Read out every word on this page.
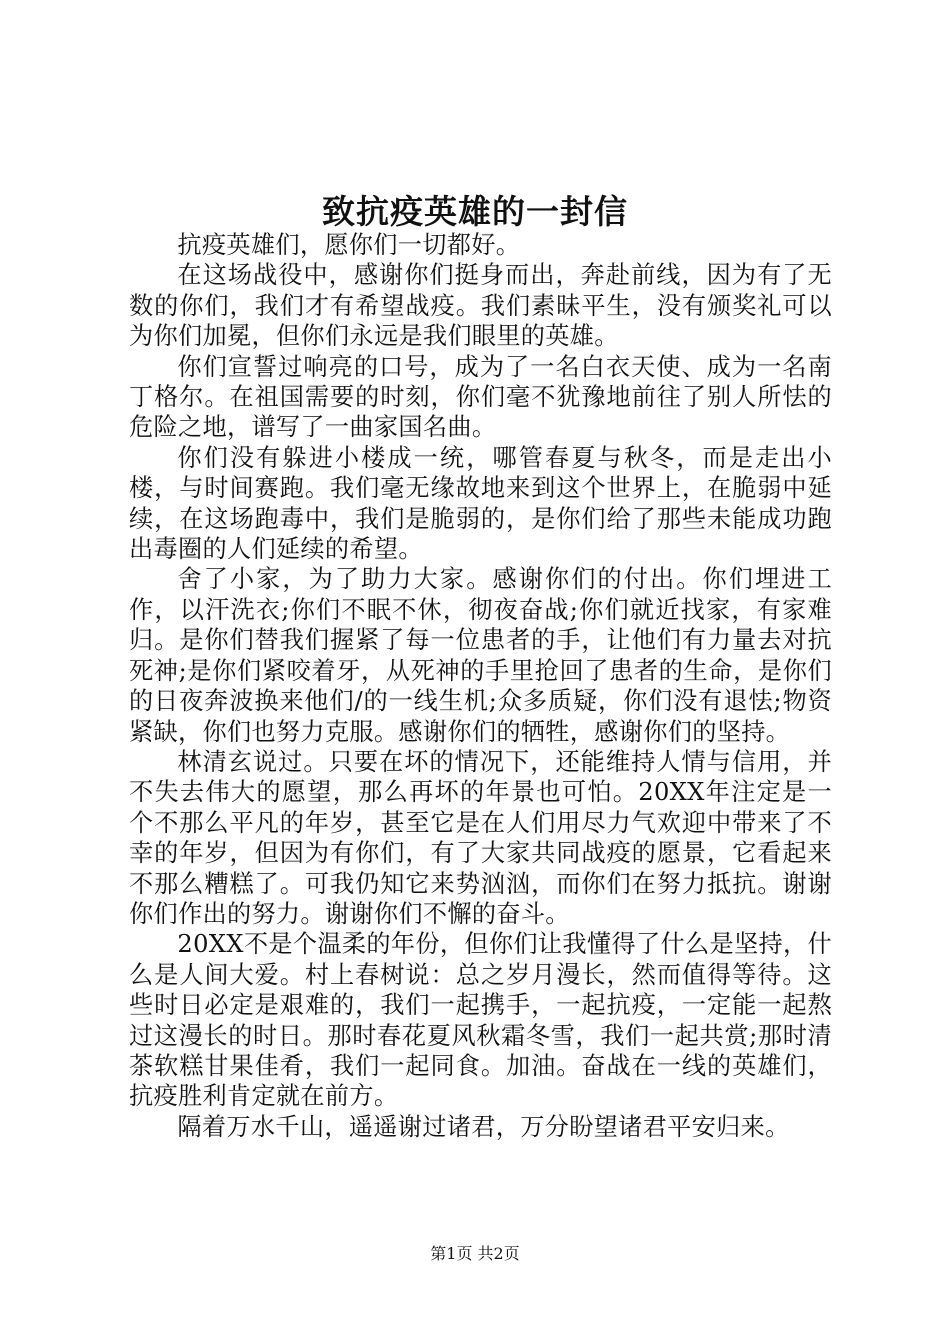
致抗疫英雄的一封信

抗疫英雄们，愿你们一切都好。

在这场战役中，感谢你们挺身而出，奔赴前线，因为有了无数的你们，我们才有希望战疫。我们素昧平生，没有颁奖礼可以为你们加冕，但你们永远是我们眼里的英雄。

你们宣誓过响亮的口号，成为了一名白衣天使、成为一名南丁格尔。在祖国需要的时刻，你们毫不犹豫地前往了别人所怯的危险之地，谱写了一曲家国名曲。

你们没有躲进小楼成一统，哪管春夏与秋冬，而是走出小楼，与时间赛跑。我们毫无缘故地来到这个世界上，在脆弱中延续，在这场跑毒中，我们是脆弱的，是你们给了那些未能成功跑出毒圈的人们延续的希望。

舍了小家，为了助力大家。感谢你们的付出。你们埋进工作，以汗洗衣;你们不眠不休，彻夜奋战;你们就近找家，有家难归。是你们替我们握紧了每一位患者的手，让他们有力量去对抗死神;是你们紧咬着牙，从死神的手里抢回了患者的生命，是你们的日夜奔波换来他们/的一线生机;众多质疑，你们没有退怯;物资紧缺，你们也努力克服。感谢你们的牺牲，感谢你们的坚持。

林清玄说过。只要在坏的情况下，还能维持人情与信用，并不失去伟大的愿望，那么再坏的年景也可怕。20XX年注定是一个不那么平凡的年岁，甚至它是在人们用尽力气欢迎中带来了不幸的年岁，但因为有你们，有了大家共同战疫的愿景，它看起来不那么糟糕了。可我仍知它来势汹汹，而你们在努力抵抗。谢谢你们作出的努力。谢谢你们不懈的奋斗。

20XX不是个温柔的年份，但你们让我懂得了什么是坚持，什么是人间大爱。村上春树说：总之岁月漫长，然而值得等待。这些时日必定是艰难的，我们一起携手，一起抗疫，一定能一起熬过这漫长的时日。那时春花夏风秋霜冬雪，我们一起共赏;那时清茶软糕甘果佳肴，我们一起同食。加油。奋战在一线的英雄们，抗疫胜利肯定就在前方。

隔着万水千山，遥遥谢过诸君，万分盼望诸君平安归来。

第1页 共2页
